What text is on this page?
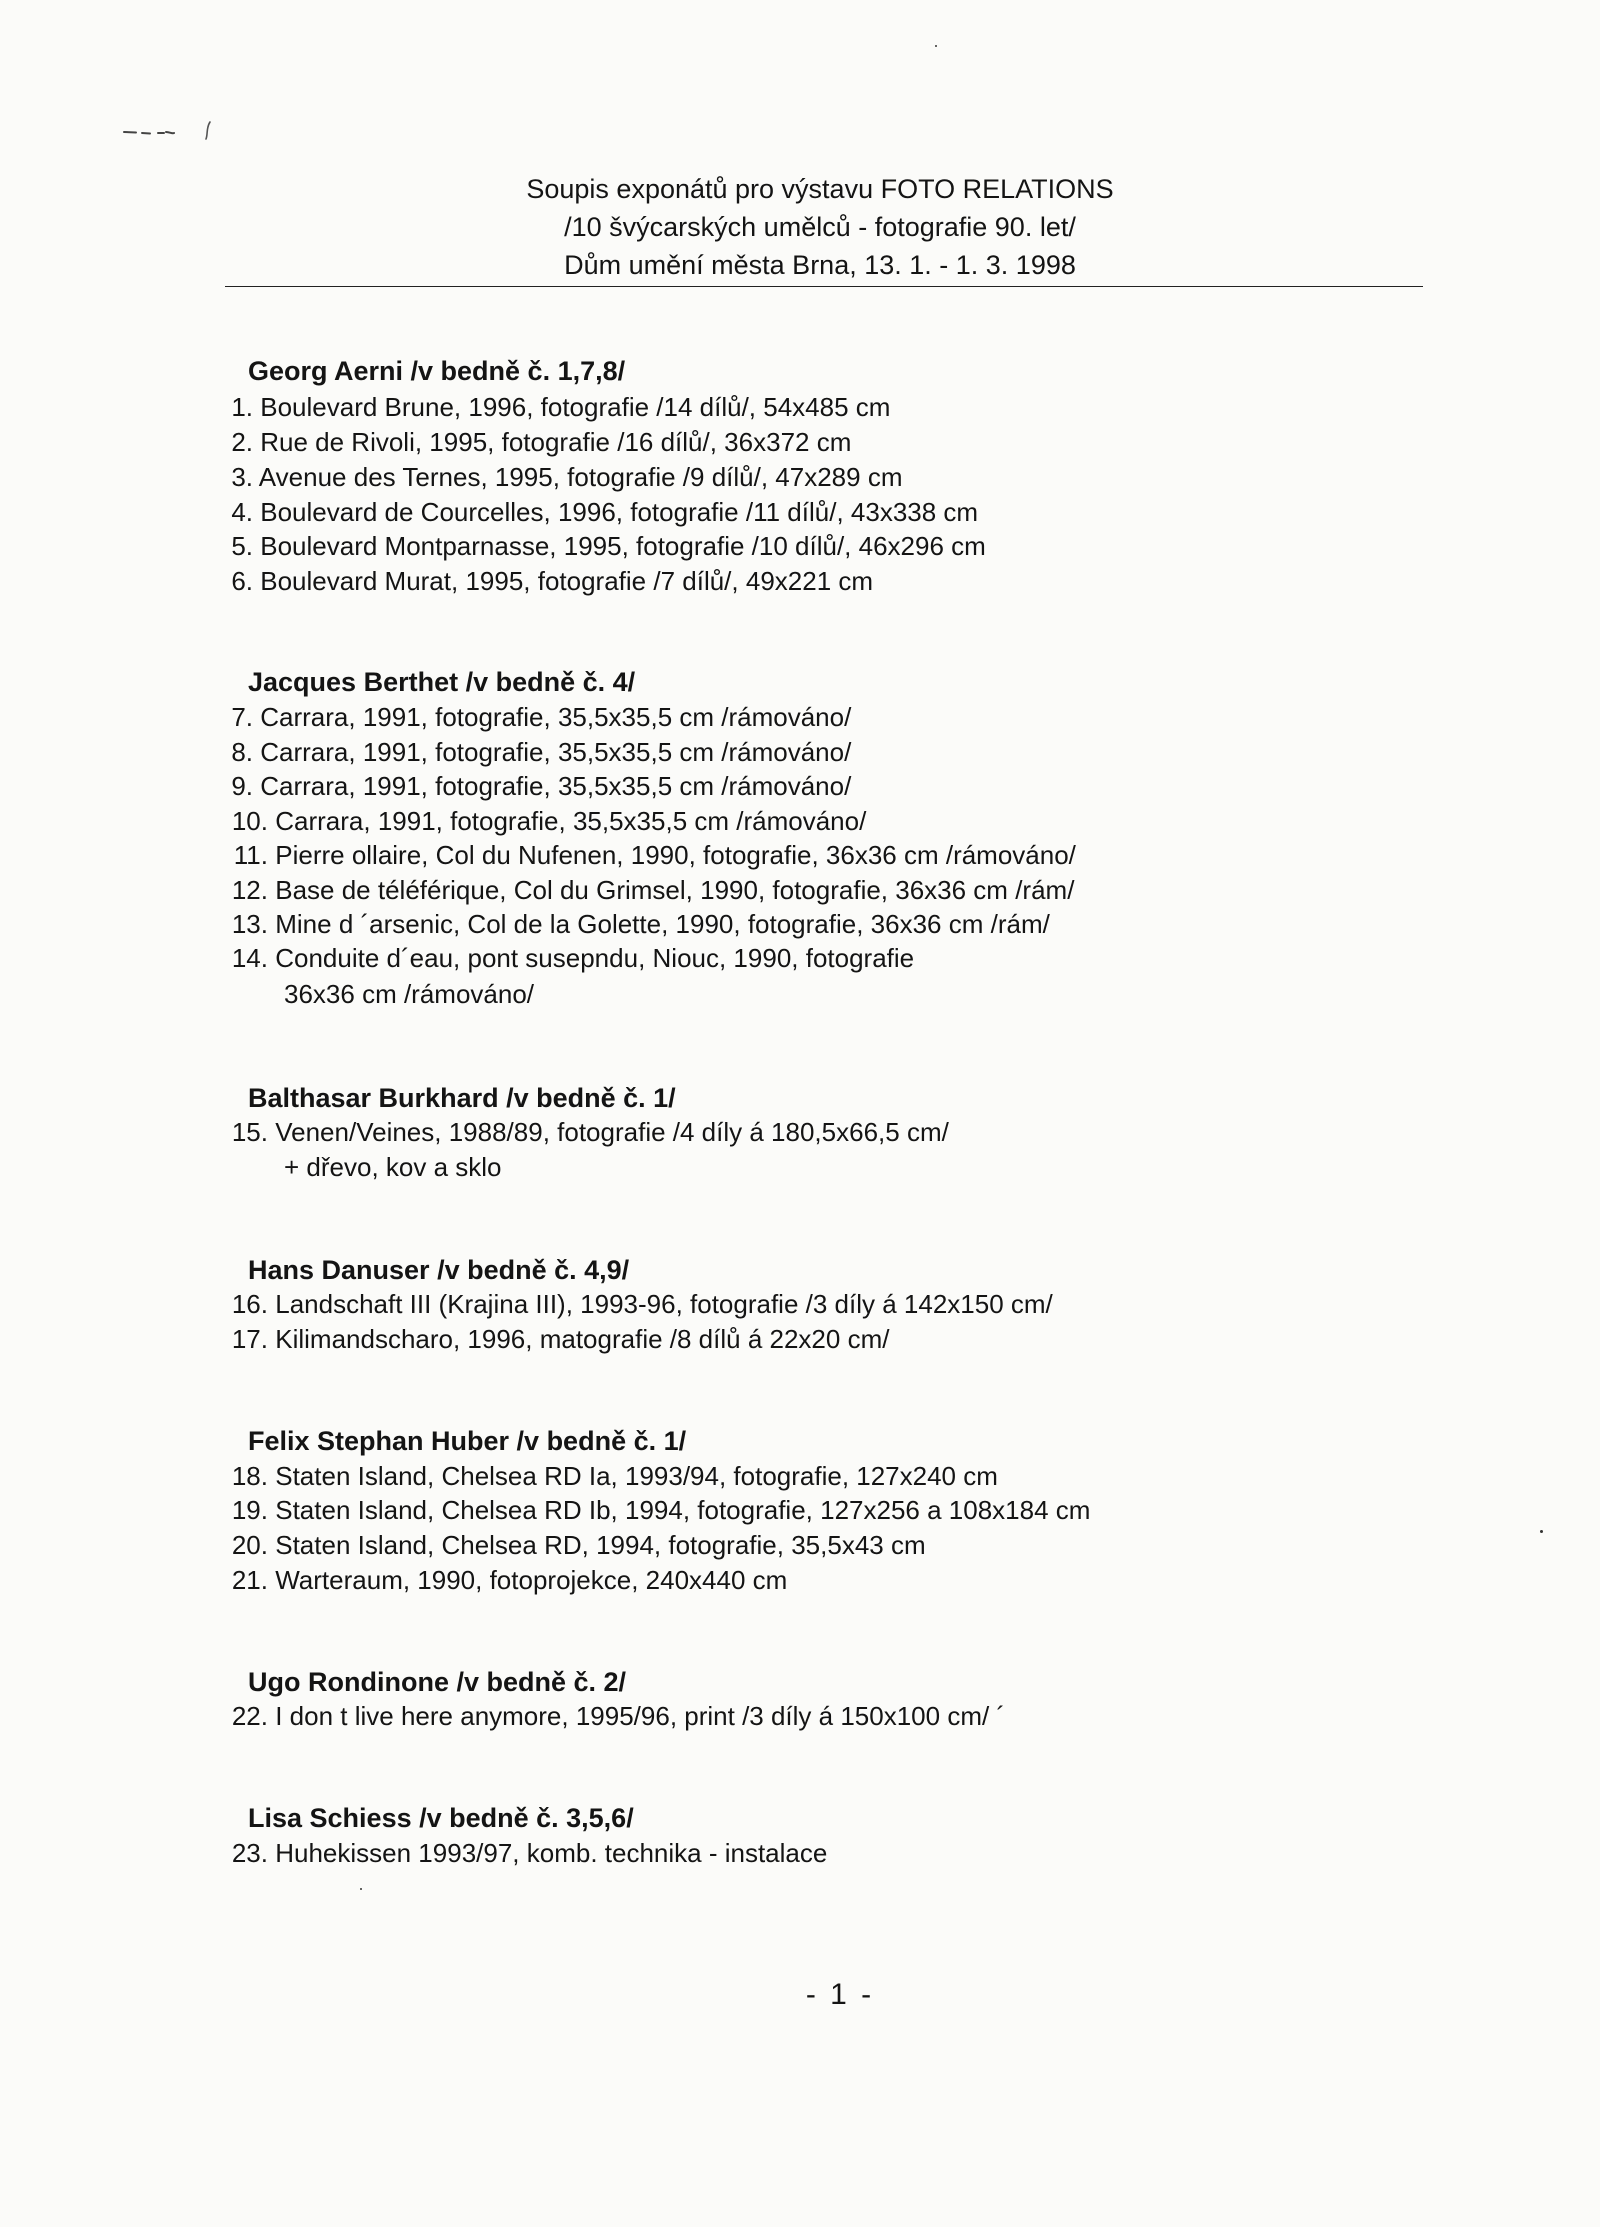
Soupis exponátů pro výstavu FOTO RELATIONS
/10 švýcarských umělců - fotografie 90. let/
Dům umění města Brna, 13. 1. - 1. 3. 1998
Georg Aerni /v bedně č. 1,7,8/
1. Boulevard Brune, 1996, fotografie /14 dílů/, 54x485 cm
2. Rue de Rivoli, 1995, fotografie /16 dílů/, 36x372 cm
3. Avenue des Ternes, 1995, fotografie /9 dílů/, 47x289 cm
4. Boulevard de Courcelles, 1996, fotografie /11 dílů/, 43x338 cm
5. Boulevard Montparnasse, 1995, fotografie /10 dílů/, 46x296 cm
6. Boulevard Murat, 1995, fotografie /7 dílů/, 49x221 cm
Jacques Berthet /v bedně č. 4/
7. Carrara, 1991, fotografie, 35,5x35,5 cm /rámováno/
8. Carrara, 1991, fotografie, 35,5x35,5 cm /rámováno/
9. Carrara, 1991, fotografie, 35,5x35,5 cm /rámováno/
10. Carrara, 1991, fotografie, 35,5x35,5 cm /rámováno/
11. Pierre ollaire, Col du Nufenen, 1990, fotografie, 36x36 cm /rámováno/
12. Base de téléférique, Col du Grimsel, 1990, fotografie, 36x36 cm /rám/
13. Mine d ´arsenic, Col de la Golette, 1990, fotografie, 36x36 cm /rám/
14. Conduite d´eau, pont susepndu, Niouc, 1990, fotografie
36x36 cm /rámováno/
Balthasar Burkhard /v bedně č. 1/
15. Venen/Veines, 1988/89, fotografie /4 díly á 180,5x66,5 cm/
+ dřevo, kov a sklo
Hans Danuser /v bedně č. 4,9/
16. Landschaft III (Krajina III), 1993-96, fotografie /3 díly á 142x150 cm/
17. Kilimandscharo, 1996, matografie /8 dílů á 22x20 cm/
Felix Stephan Huber /v bedně č. 1/
18. Staten Island, Chelsea RD Ia, 1993/94, fotografie, 127x240 cm
19. Staten Island, Chelsea RD Ib, 1994, fotografie, 127x256 a 108x184 cm
20. Staten Island, Chelsea RD, 1994, fotografie, 35,5x43 cm
21. Warteraum, 1990, fotoprojekce, 240x440 cm
Ugo Rondinone /v bedně č. 2/
22. I don t live here anymore, 1995/96, print /3 díly á 150x100 cm/ ´
Lisa Schiess /v bedně č. 3,5,6/
23. Huhekissen 1993/97, komb. technika - instalace
- 1 -
